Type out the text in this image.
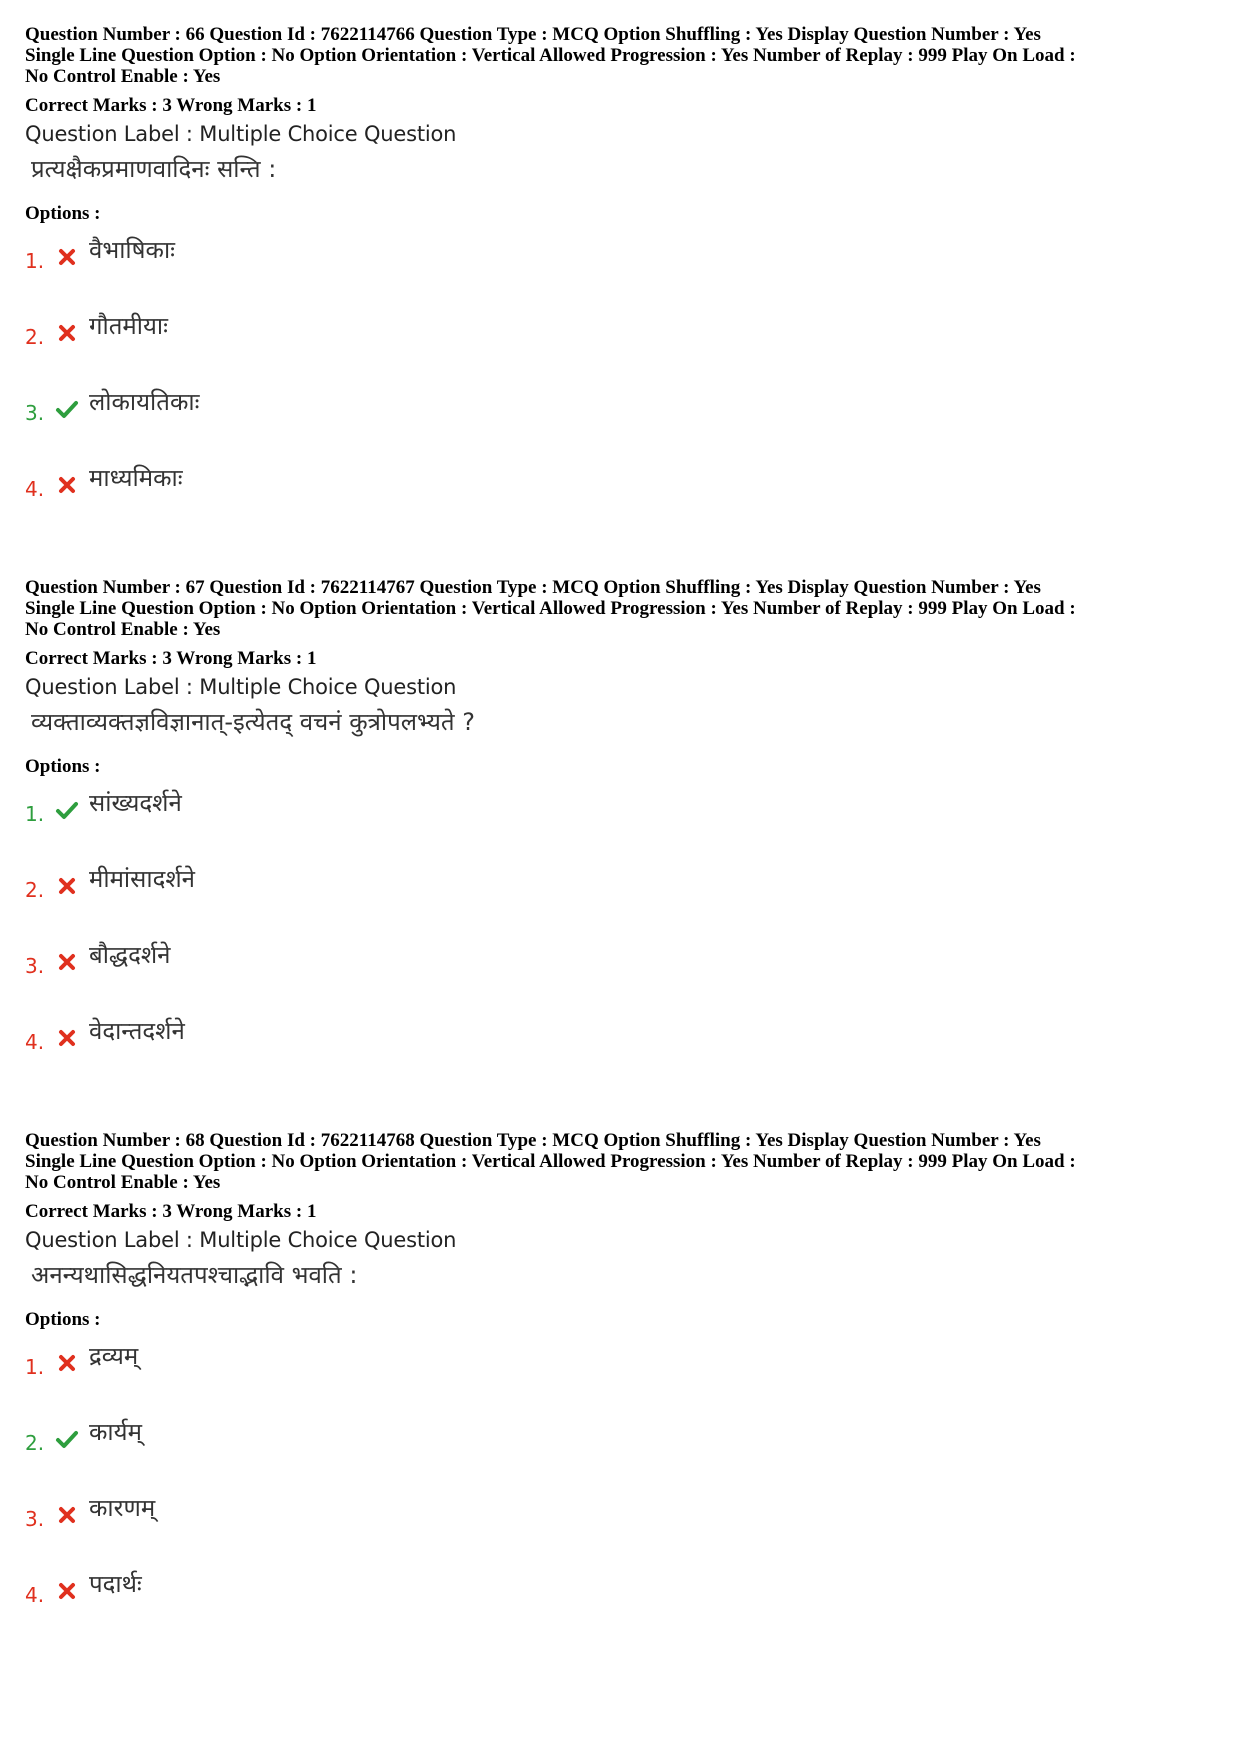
Question Number : 66 Question Id : 7622114766 Question Type : MCQ Option Shuffling : Yes Display Question Number : Yes
Single Line Question Option : No Option Orientation : Vertical Allowed Progression : Yes Number of Replay : 999 Play On Load :
No Control Enable : Yes
Correct Marks : 3 Wrong Marks : 1
Question Label : Multiple Choice Question
प्रत्यक्षैकप्रमाणवादिनः सन्ति :
Options :
1. वैभाषिकाः
2. गौतमीयाः
3. लोकायतिकाः
4. माध्यमिकाः
Question Number : 67 Question Id : 7622114767 Question Type : MCQ Option Shuffling : Yes Display Question Number : Yes
Single Line Question Option : No Option Orientation : Vertical Allowed Progression : Yes Number of Replay : 999 Play On Load :
No Control Enable : Yes
Correct Marks : 3 Wrong Marks : 1
Question Label : Multiple Choice Question
व्यक्ताव्यक्तज्ञविज्ञानात्-इत्येतद् वचनं कुत्रोपलभ्यते ?
Options :
1. सांख्यदर्शने
2. मीमांसादर्शने
3. बौद्धदर्शने
4. वेदान्तदर्शने
Question Number : 68 Question Id : 7622114768 Question Type : MCQ Option Shuffling : Yes Display Question Number : Yes
Single Line Question Option : No Option Orientation : Vertical Allowed Progression : Yes Number of Replay : 999 Play On Load :
No Control Enable : Yes
Correct Marks : 3 Wrong Marks : 1
Question Label : Multiple Choice Question
अनन्यथासिद्धनियतपश्चाद्भावि भवति :
Options :
1. द्रव्यम्
2. कार्यम्
3. कारणम्
4. पदार्थः
